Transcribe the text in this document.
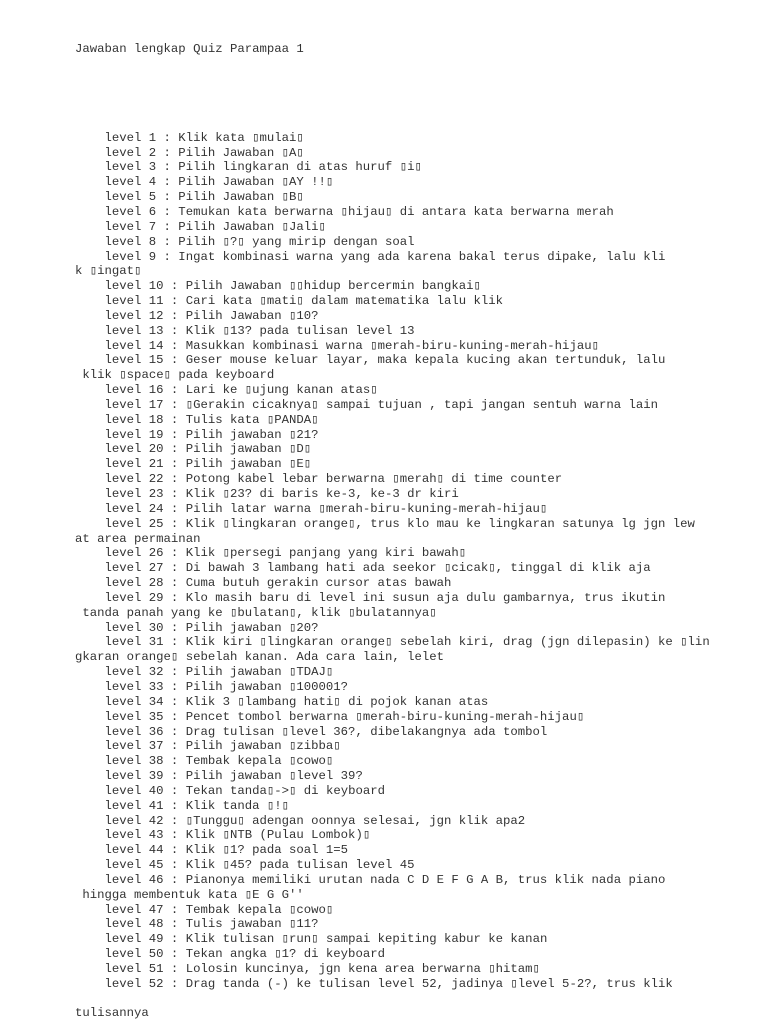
Jawaban lengkap Quiz Parampaa 1

level 1 : Klik kata ▯mulai▯
level 2 : Pilih Jawaban ▯A▯
level 3 : Pilih lingkaran di atas huruf ▯i▯
level 4 : Pilih Jawaban ▯AY !!▯
level 5 : Pilih Jawaban ▯B▯
level 6 : Temukan kata berwarna ▯hijau▯ di antara kata berwarna merah
level 7 : Pilih Jawaban ▯Jali▯
level 8 : Pilih ▯?▯ yang mirip dengan soal
level 9 : Ingat kombinasi warna yang ada karena bakal terus dipake, lalu kli
k ▯ingat▯
level 10 : Pilih Jawaban ▯▯hidup bercermin bangkai▯
level 11 : Cari kata ▯mati▯ dalam matematika lalu klik
level 12 : Pilih Jawaban ▯10?
level 13 : Klik ▯13? pada tulisan level 13
level 14 : Masukkan kombinasi warna ▯merah-biru-kuning-merah-hijau▯
level 15 : Geser mouse keluar layar, maka kepala kucing akan tertunduk, lalu
klik ▯space▯ pada keyboard
level 16 : Lari ke ▯ujung kanan atas▯
level 17 : ▯Gerakin cicaknya▯ sampai tujuan , tapi jangan sentuh warna lain
level 18 : Tulis kata ▯PANDA▯
level 19 : Pilih jawaban ▯21?
level 20 : Pilih jawaban ▯D▯
level 21 : Pilih jawaban ▯E▯
level 22 : Potong kabel lebar berwarna ▯merah▯ di time counter
level 23 : Klik ▯23? di baris ke-3, ke-3 dr kiri
level 24 : Pilih latar warna ▯merah-biru-kuning-merah-hijau▯
level 25 : Klik ▯lingkaran orange▯, trus klo mau ke lingkaran satunya lg jgn lew
at area permainan
level 26 : Klik ▯persegi panjang yang kiri bawah▯
level 27 : Di bawah 3 lambang hati ada seekor ▯cicak▯, tinggal di klik aja
level 28 : Cuma butuh gerakin cursor atas bawah
level 29 : Klo masih baru di level ini susun aja dulu gambarnya, trus ikutin
tanda panah yang ke ▯bulatan▯, klik ▯bulatannya▯
level 30 : Pilih jawaban ▯20?
level 31 : Klik kiri ▯lingkaran orange▯ sebelah kiri, drag (jgn dilepasin) ke ▯lin
gkaran orange▯ sebelah kanan. Ada cara lain, lelet
level 32 : Pilih jawaban ▯TDAJ▯
level 33 : Pilih jawaban ▯100001?
level 34 : Klik 3 ▯lambang hati▯ di pojok kanan atas
level 35 : Pencet tombol berwarna ▯merah-biru-kuning-merah-hijau▯
level 36 : Drag tulisan ▯level 36?, dibelakangnya ada tombol
level 37 : Pilih jawaban ▯zibba▯
level 38 : Tembak kepala ▯cowo▯
level 39 : Pilih jawaban ▯level 39?
level 40 : Tekan tanda▯->▯ di keyboard
level 41 : Klik tanda ▯!▯
level 42 : ▯Tunggu▯ adengan oonnya selesai, jgn klik apa2
level 43 : Klik ▯NTB (Pulau Lombok)▯
level 44 : Klik ▯1? pada soal 1=5
level 45 : Klik ▯45? pada tulisan level 45
level 46 : Pianonya memiliki urutan nada C D E F G A B, trus klik nada piano
hingga membentuk kata ▯E G G''
level 47 : Tembak kepala ▯cowo▯
level 48 : Tulis jawaban ▯11?
level 49 : Klik tulisan ▯run▯ sampai kepiting kabur ke kanan
level 50 : Tekan angka ▯1? di keyboard
level 51 : Lolosin kuncinya, jgn kena area berwarna ▯hitam▯
level 52 : Drag tanda (-) ke tulisan level 52, jadinya ▯level 5-2?, trus klik

tulisannya
